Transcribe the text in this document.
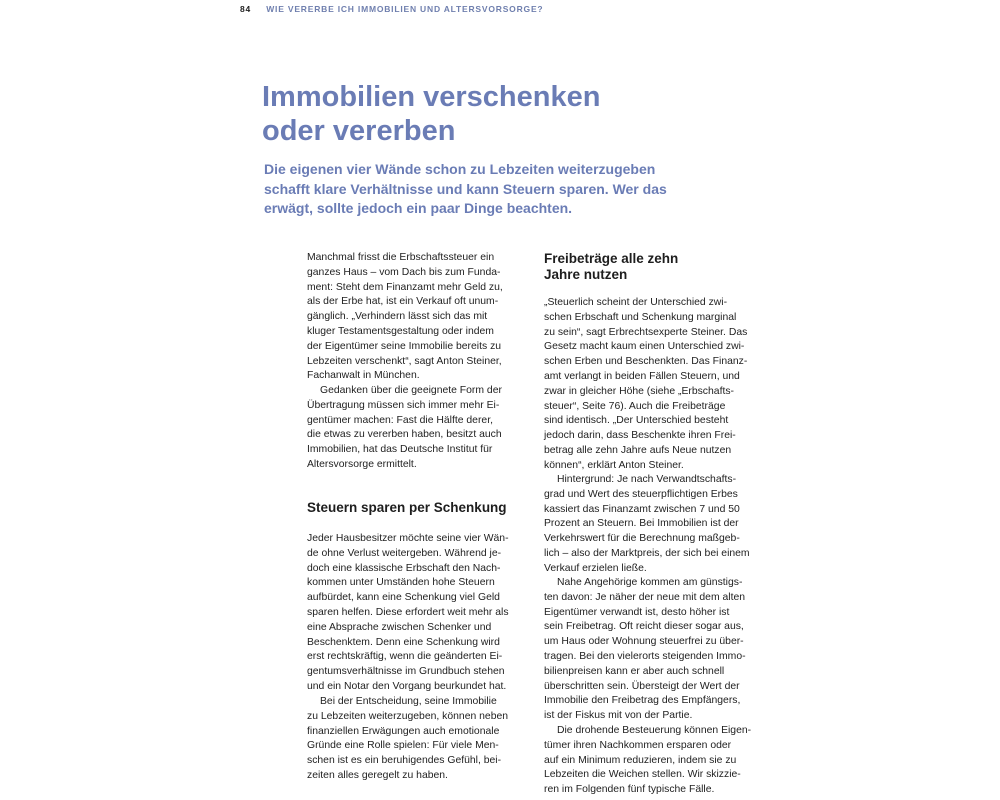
84 WIE VERERBE ICH IMMOBILIEN UND ALTERSVORSORGE?
Immobilien verschenken
oder vererben

Die eigenen vier Wände schon zu Lebzeiten weiterzugeben
schafft klare Verhältnisse und kann Steuern sparen. Wer das
erwägt, sollte jedoch ein paar Dinge beachten.

Manchmal frisst die Erbschaftssteuer ein
ganzes Haus – vom Dach bis zum Funda-
ment: Steht dem Finanzamt mehr Geld zu,
als der Erbe hat, ist ein Verkauf oft unum-
gänglich. „Verhindern lässt sich das mit
kluger Testamentsgestaltung oder indem
der Eigentümer seine Immobilie bereits zu
Lebzeiten verschenkt“, sagt Anton Steiner,
Fachanwalt in München.

Gedanken über die geeignete Form der
Übertragung müssen sich immer mehr Ei-
gentümer machen: Fast die Hälfte derer,
die etwas zu vererben haben, besitzt auch
Immobilien, hat das Deutsche Institut für
Altersvorsorge ermittelt.

Steuern sparen per Schenkung

Jeder Hausbesitzer möchte seine vier Wän-
de ohne Verlust weitergeben. Während je-
doch eine klassische Erbschaft den Nach-
kommen unter Umständen hohe Steuern
aufbürdet, kann eine Schenkung viel Geld
sparen helfen. Diese erfordert weit mehr als
eine Absprache zwischen Schenker und
Beschenktem. Denn eine Schenkung wird
erst rechtskräftig, wenn die geänderten Ei-
gentumsverhältnisse im Grundbuch stehen
und ein Notar den Vorgang beurkundet hat.

Bei der Entscheidung, seine Immobilie
zu Lebzeiten weiterzugeben, können neben
finanziellen Erwägungen auch emotionale
Gründe eine Rolle spielen: Für viele Men-
schen ist es ein beruhigendes Gefühl, bei-
zeiten alles geregelt zu haben.

Freibeträge alle zehn
Jahre nutzen

„Steuerlich scheint der Unterschied zwi-
schen Erbschaft und Schenkung marginal
zu sein“, sagt Erbrechtsexperte Steiner. Das
Gesetz macht kaum einen Unterschied zwi-
schen Erben und Beschenkten. Das Finanz-
amt verlangt in beiden Fällen Steuern, und
zwar in gleicher Höhe (siehe „Erbschafts-
steuer“, Seite 76). Auch die Freibeträge
sind identisch. „Der Unterschied besteht
jedoch darin, dass Beschenkte ihren Frei-
betrag alle zehn Jahre aufs Neue nutzen
können“, erklärt Anton Steiner.

Hintergrund: Je nach Verwandtschafts-
grad und Wert des steuerpflichtigen Erbes
kassiert das Finanzamt zwischen 7 und 50
Prozent an Steuern. Bei Immobilien ist der
Verkehrswert für die Berechnung maßgeb-
lich – also der Marktpreis, der sich bei einem
Verkauf erzielen ließe.

Nahe Angehörige kommen am günstigs-
ten davon: Je näher der neue mit dem alten
Eigentümer verwandt ist, desto höher ist
sein Freibetrag. Oft reicht dieser sogar aus,
um Haus oder Wohnung steuerfrei zu über-
tragen. Bei den vielerorts steigenden Immo-
bilienpreisen kann er aber auch schnell
überschritten sein. Übersteigt der Wert der
Immobilie den Freibetrag des Empfängers,
ist der Fiskus mit von der Partie.

Die drohende Besteuerung können Eigen-
tümer ihren Nachkommen ersparen oder
auf ein Minimum reduzieren, indem sie zu
Lebzeiten die Weichen stellen. Wir skizzie-
ren im Folgenden fünf typische Fälle.
